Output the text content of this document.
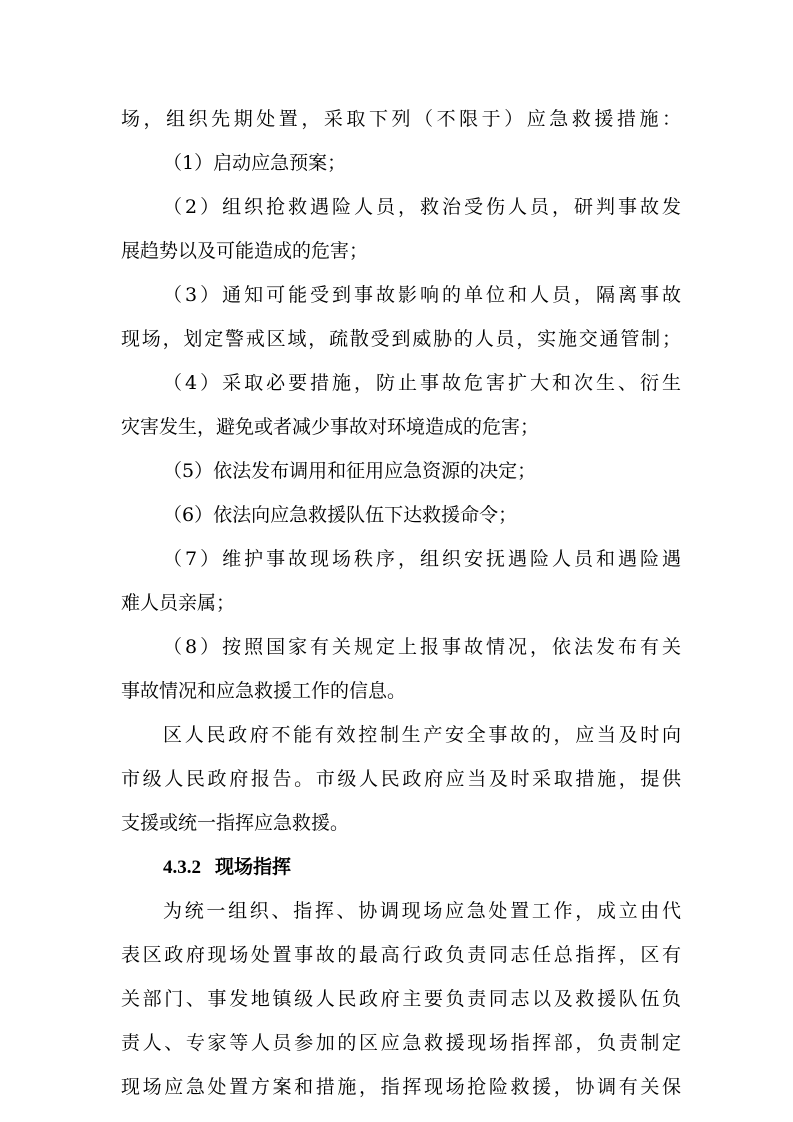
场，组织先期处置，采取下列（不限于）应急救援措施：
（1）启动应急预案；
（2）组织抢救遇险人员，救治受伤人员，研判事故发
展趋势以及可能造成的危害；
（3）通知可能受到事故影响的单位和人员，隔离事故
现场，划定警戒区域，疏散受到威胁的人员，实施交通管制；
（4）采取必要措施，防止事故危害扩大和次生、衍生
灾害发生，避免或者减少事故对环境造成的危害；
（5）依法发布调用和征用应急资源的决定；
（6）依法向应急救援队伍下达救援命令；
（7）维护事故现场秩序，组织安抚遇险人员和遇险遇
难人员亲属；
（8）按照国家有关规定上报事故情况，依法发布有关
事故情况和应急救援工作的信息。
区人民政府不能有效控制生产安全事故的，应当及时向
市级人民政府报告。市级人民政府应当及时采取措施，提供
支援或统一指挥应急救援。
4.3.2 现场指挥
为统一组织、指挥、协调现场应急处置工作，成立由代
表区政府现场处置事故的最高行政负责同志任总指挥，区有
关部门、事发地镇级人民政府主要负责同志以及救援队伍负
责人、专家等人员参加的区应急救援现场指挥部，负责制定
现场应急处置方案和措施，指挥现场抢险救援，协调有关保
